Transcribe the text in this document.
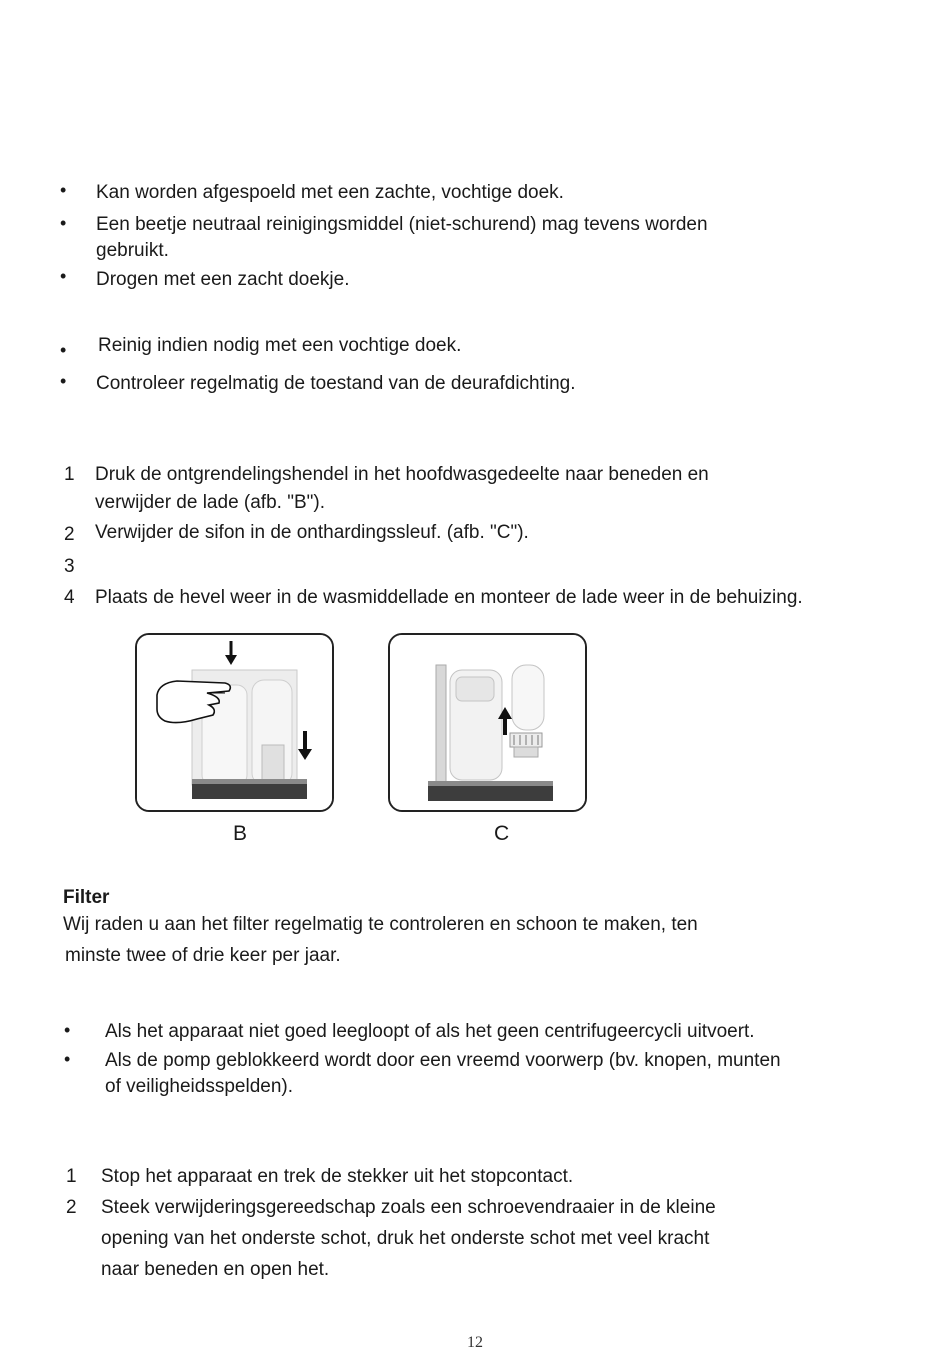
• Kan worden afgespoeld met een zachte, vochtige doek.
• Een beetje neutraal reinigingsmiddel (niet-schurend) mag tevens worden
gebruikt.
• Drogen met een zacht doekje.
• Reinig indien nodig met een vochtige doek.
• Controleer regelmatig de toestand van de deurafdichting.
1 Druk de ontgrendelingshendel in het hoofdwasgedeelte naar beneden en
verwijder de lade (afb. "B").
2 Verwijder de sifon in de onthardingssleuf. (afb. "C").
3
4 Plaats de hevel weer in de wasmiddellade en monteer de lade weer in de behuizing.
B	C
Filter
Wij raden u aan het filter regelmatig te controleren en schoon te maken, ten
minste twee of drie keer per jaar.
• Als het apparaat niet goed leegloopt of als het geen centrifugeercycli uitvoert.
• Als de pomp geblokkeerd wordt door een vreemd voorwerp (bv. knopen, munten
of veiligheidsspelden).
1 Stop het apparaat en trek de stekker uit het stopcontact.
2 Steek verwijderingsgereedschap zoals een schroevendraaier in de kleine
opening van het onderste schot, druk het onderste schot met veel kracht
naar beneden en open het.
12
